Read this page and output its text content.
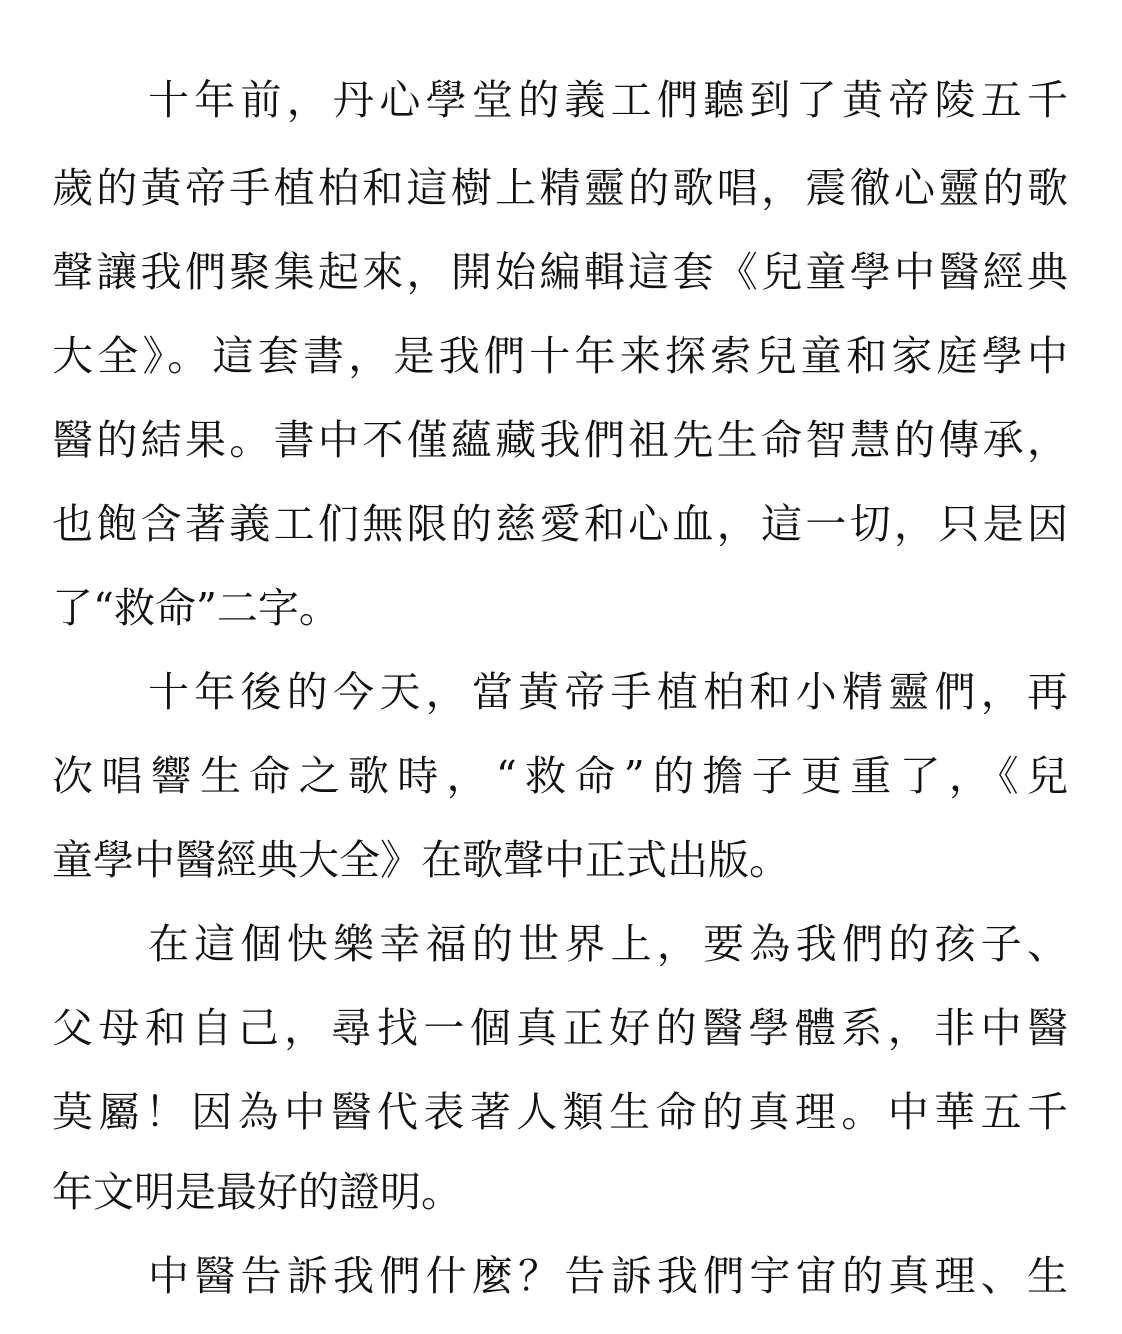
十年前，丹心學堂的義工們聽到了黄帝陵五千
歲的黃帝手植柏和這樹上精靈的歌唱，震徹心靈的歌
聲讓我們聚集起來，開始編輯這套《兒童學中醫經典
大全》。這套書，是我們十年来探索兒童和家庭學中
醫的結果。書中不僅蘊藏我們祖先生命智慧的傳承，
也飽含著義工们無限的慈愛和心血，這一切，只是因
了“救命”二字。
十年後的今天，當黃帝手植柏和小精靈們，再
次唱響生命之歌時，“救命”的擔子更重了，《兒
童學中醫經典大全》在歌聲中正式出版。
在這個快樂幸福的世界上，要為我們的孩子、
父母和自己，尋找一個真正好的醫學體系，非中醫
莫屬！因為中醫代表著人類生命的真理。中華五千
年文明是最好的證明。
中醫告訴我們什麼？告訴我們宇宙的真理、生
